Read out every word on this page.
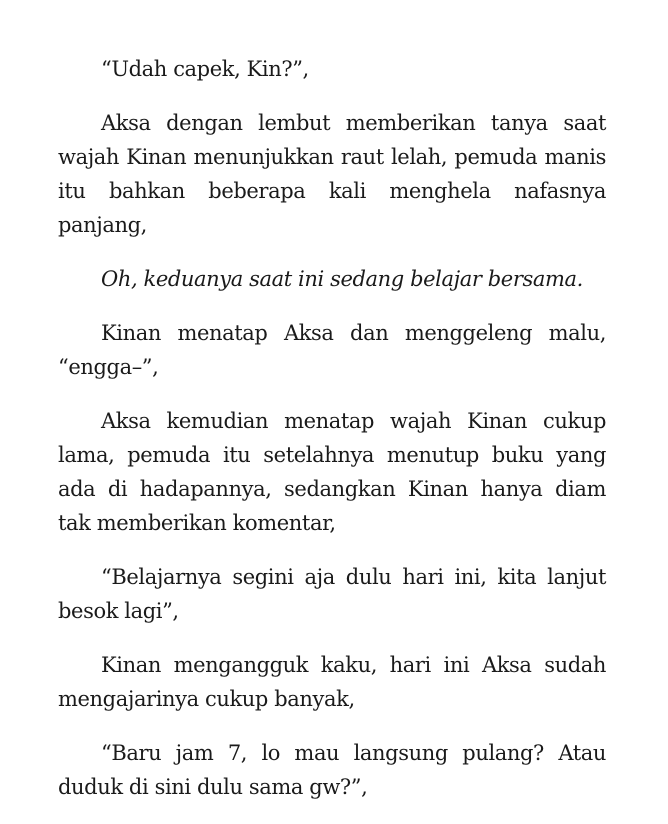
“Udah capek, Kin?”,

Aksa dengan lembut memberikan tanya saat wajah Kinan menunjukkan raut lelah, pemuda manis itu bahkan beberapa kali menghela nafasnya panjang,

Oh, keduanya saat ini sedang belajar bersama.

Kinan menatap Aksa dan menggeleng malu, “engga–”,

Aksa kemudian menatap wajah Kinan cukup lama, pemuda itu setelahnya menutup buku yang ada di hadapannya, sedangkan Kinan hanya diam tak memberikan komentar,

“Belajarnya segini aja dulu hari ini, kita lanjut besok lagi”,

Kinan mengangguk kaku, hari ini Aksa sudah mengajarinya cukup banyak,

“Baru jam 7, lo mau langsung pulang? Atau duduk di sini dulu sama gw?”,
